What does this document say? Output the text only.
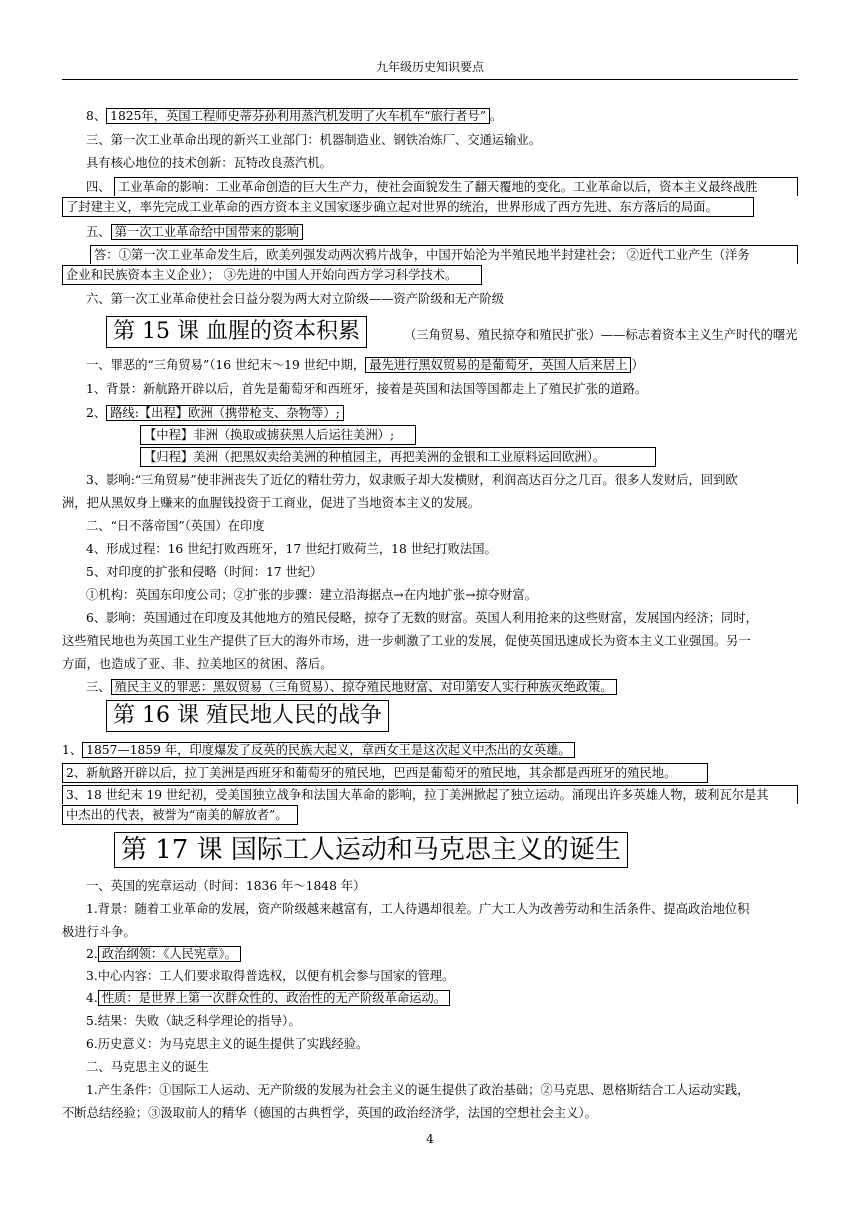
九年级历史知识要点
8、 1825年，英国工程师史蒂芬孙利用蒸汽机发明了火车机车“旅行者号” 。
三、第一次工业革命出现的新兴工业部门：机器制造业、钢铁冶炼厂、交通运输业。
具有核心地位的技术创新：瓦特改良蒸汽机。
四、 工业革命的影响：工业革命创造的巨大生产力，使社会面貌发生了翻天覆地的变化。工业革命以后，资本主义最终战胜
了封建主义，率先完成工业革命的西方资本主义国家逐步确立起对世界的统治，世界形成了西方先进、东方落后的局面。
五、 第一次工业革命给中国带来的影响
答：①第一次工业革命发生后，欧美列强发动两次鸦片战争，中国开始沦为半殖民地半封建社会； ②近代工业产生（洋务
企业和民族资本主义企业）； ③先进的中国人开始向西方学习科学技术。
六、第一次工业革命使社会日益分裂为两大对立阶级——资产阶级和无产阶级
第 15 课 血腥的资本积累	（三角贸易、殖民掠夺和殖民扩张）——标志着资本主义生产时代的曙光
一、罪恶的“三角贸易”（16 世纪末～19 世纪中期， 最先进行黑奴贸易的是葡萄牙，英国人后来居上 ）
1、背景：新航路开辟以后，首先是葡萄牙和西班牙，接着是英国和法国等国都走上了殖民扩张的道路。
2、 路线:【出程】欧洲（携带枪支、杂物等）;
【中程】非洲（换取或掳获黑人后运往美洲）;
【归程】美洲（把黑奴卖给美洲的种植园主，再把美洲的金银和工业原料运回欧洲）。
3、影响:“三角贸易”使非洲丧失了近亿的精壮劳力，奴隶贩子却大发横财，利润高达百分之几百。很多人发财后，回到欧
洲，把从黑奴身上赚来的血腥钱投资于工商业，促进了当地资本主义的发展。
二、“日不落帝国”（英国）在印度
4、形成过程：16 世纪打败西班牙，17 世纪打败荷兰，18 世纪打败法国。
5、对印度的扩张和侵略（时间：17 世纪）
①机构：英国东印度公司；②扩张的步骤：建立沿海据点→在内地扩张→掠夺财富。
6、影响：英国通过在印度及其他地方的殖民侵略，掠夺了无数的财富。英国人利用抢来的这些财富，发展国内经济；同时，
这些殖民地也为英国工业生产提供了巨大的海外市场，进一步刺激了工业的发展，促使英国迅速成长为资本主义工业强国。另一
方面，也造成了亚、非、拉美地区的贫困、落后。
三、 殖民主义的罪恶：黑奴贸易（三角贸易）、掠夺殖民地财富、对印第安人实行种族灭绝政策。
第 16 课 殖民地人民的战争
1、 1857—1859 年，印度爆发了反英的民族大起义，章西女王是这次起义中杰出的女英雄。
2、新航路开辟以后，拉丁美洲是西班牙和葡萄牙的殖民地，巴西是葡萄牙的殖民地，其余都是西班牙的殖民地。
3、18 世纪末 19 世纪初，受美国独立战争和法国大革命的影响，拉丁美洲掀起了独立运动。涌现出许多英雄人物，玻利瓦尔是其
中杰出的代表，被誉为“南美的解放者”。
第 17 课 国际工人运动和马克思主义的诞生
一、英国的宪章运动（时间：1836 年～1848 年）
1.背景：随着工业革命的发展，资产阶级越来越富有，工人待遇却很差。广大工人为改善劳动和生活条件、提高政治地位积
极进行斗争。
2. 政治纲领：《人民宪章》。
3.中心内容：工人们要求取得普选权，以便有机会参与国家的管理。
4. 性质：是世界上第一次群众性的、政治性的无产阶级革命运动。
5.结果：失败（缺乏科学理论的指导）。
6.历史意义：为马克思主义的诞生提供了实践经验。
二、马克思主义的诞生
1.产生条件：①国际工人运动、无产阶级的发展为社会主义的诞生提供了政治基础；②马克思、恩格斯结合工人运动实践，
不断总结经验；③汲取前人的精华（德国的古典哲学，英国的政治经济学，法国的空想社会主义）。
4
